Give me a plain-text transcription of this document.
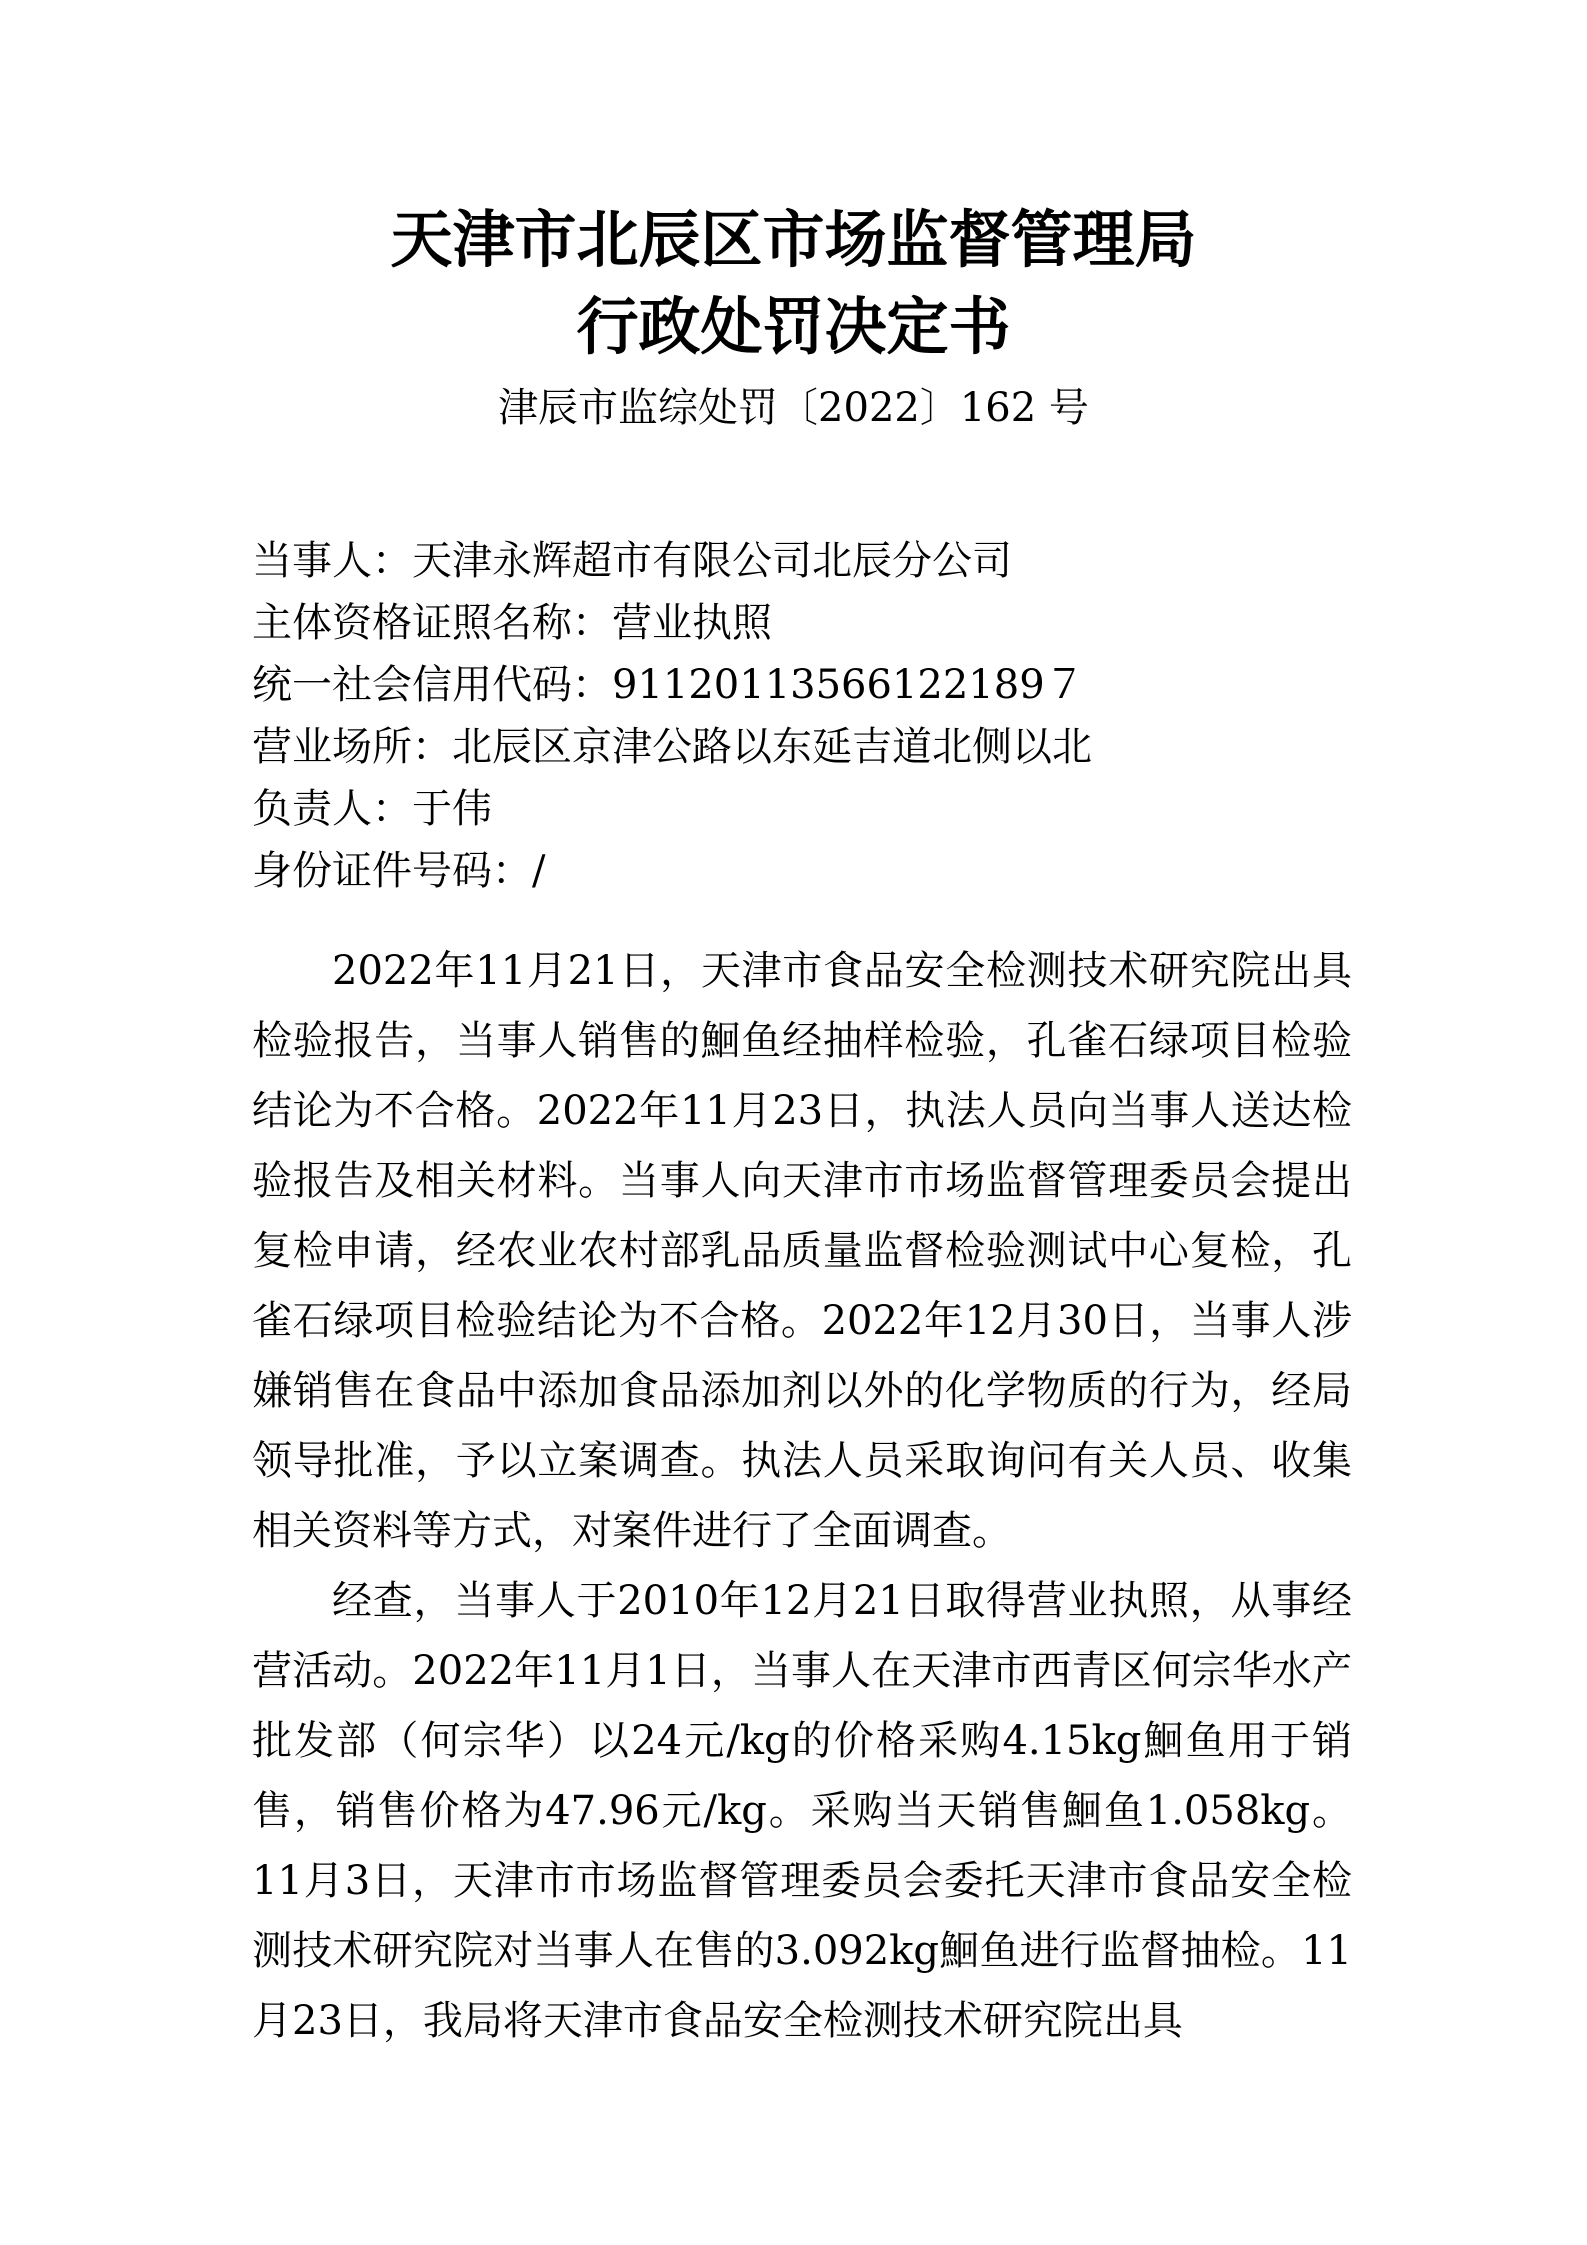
天津市北辰区市场监督管理局
行政处罚决定书

津辰市监综处罚〔2022〕162 号

当事人：天津永辉超市有限公司北辰分公司
主体资格证照名称：营业执照
统一社会信用代码：91120113566122189７
营业场所：北辰区京津公路以东延吉道北侧以北
负责人：于伟
身份证件号码：/

2022年11月21日，天津市食品安全检测技术研究院出具检验报告，当事人销售的鮰鱼经抽样检验，孔雀石绿项目检验结论为不合格。2022年11月23日，执法人员向当事人送达检验报告及相关材料。当事人向天津市市场监督管理委员会提出复检申请，经农业农村部乳品质量监督检验测试中心复检，孔雀石绿项目检验结论为不合格。2022年12月30日，当事人涉嫌销售在食品中添加食品添加剂以外的化学物质的行为，经局领导批准，予以立案调查。执法人员采取询问有关人员、收集相关资料等方式，对案件进行了全面调查。

经查，当事人于2010年12月21日取得营业执照，从事经营活动。2022年11月1日，当事人在天津市西青区何宗华水产批发部（何宗华）以24元/kg的价格采购4.15kg鮰鱼用于销售，销售价格为47.96元/kg。采购当天销售鮰鱼1.058kg。11月3日，天津市市场监督管理委员会委托天津市食品安全检测技术研究院对当事人在售的3.092kg鮰鱼进行监督抽检。11月23日，我局将天津市食品安全检测技术研究院出具
